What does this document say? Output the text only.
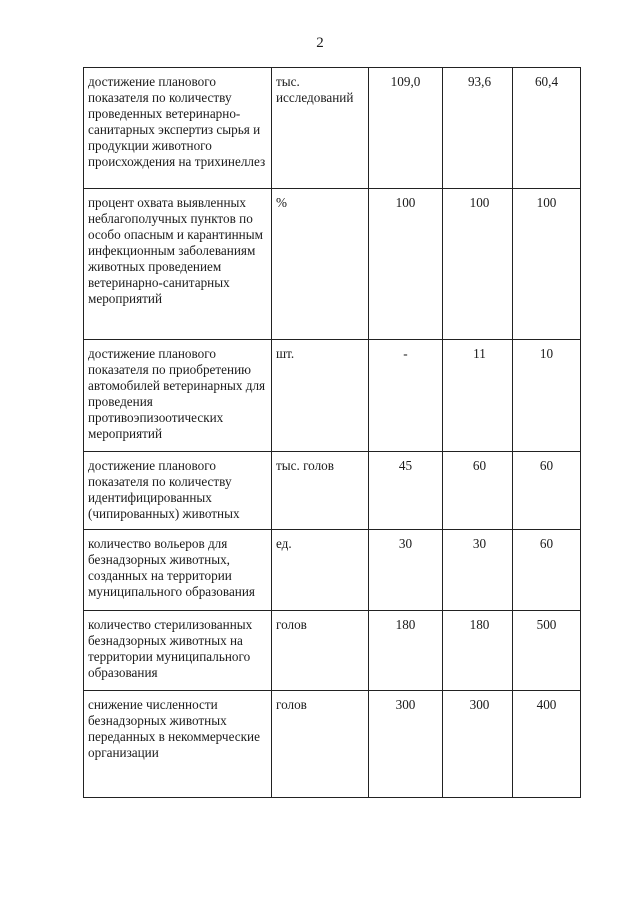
2
достижение планового показателя по количеству проведенных ветеринарно-санитарных экспертиз сырья и продукции животного происхождения на трихинеллез	тыс. исследований	109,0	93,6	60,4
процент охвата выявленных неблагополучных пунктов по особо опасным и карантинным инфекционным заболеваниям животных проведением ветеринарно-санитарных мероприятий	%	100	100	100
достижение планового показателя по приобретению автомобилей ветеринарных для проведения противоэпизоотических мероприятий	шт.	-	11	10
достижение планового показателя по количеству идентифицированных (чипированных) животных	тыс. голов	45	60	60
количество вольеров для безнадзорных животных, созданных на территории муниципального образования	ед.	30	30	60
количество стерилизованных безнадзорных животных на территории муниципального образования	голов	180	180	500
снижение численности безнадзорных животных переданных в некоммерческие организации	голов	300	300	400
